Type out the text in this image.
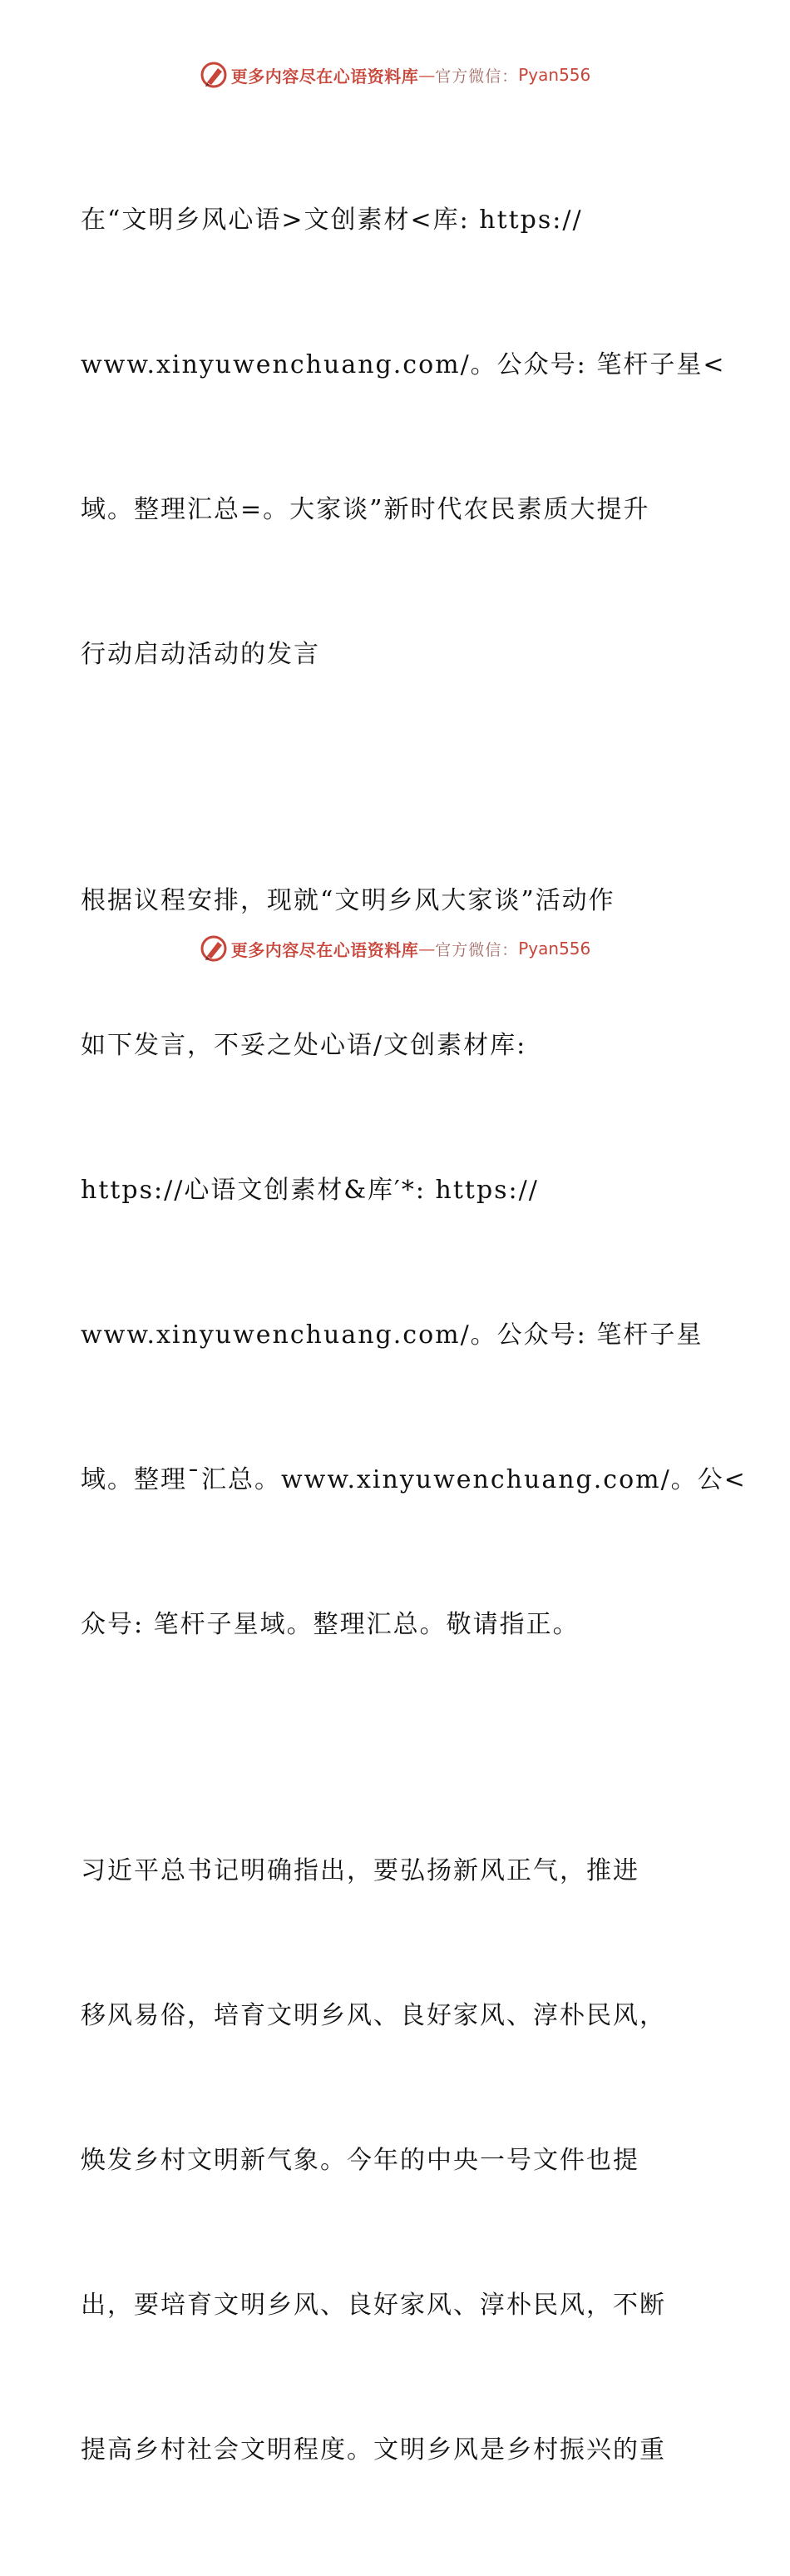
更多内容尽在心语资料库 — 官方微信： Pyan556

在“文明乡风心语>文创素材<库: https://

www.xinyuwenchuang.com/。公众号: 笔杆子星<

域。整理汇总=。大家谈”新时代农民素质大提升

行动启动活动的发言

根据议程安排，现就“文明乡风大家谈”活动作

如下发言，不妥之处心语/文创素材库:

https://心语文创素材&库′*: https://

www.xinyuwenchuang.com/。公众号: 笔杆子星

域。整理¯汇总。www.xinyuwenchuang.com/。公<

众号: 笔杆子星域。整理汇总。敬请指正。

习近平总书记明确指出，要弘扬新风正气，推进

移风易俗，培育文明乡风、良好家风、淳朴民风，

焕发乡村文明新气象。今年的中央一号文件也提

出，要培育文明乡风、良好家风、淳朴民风，不断

提高乡村社会文明程度。文明乡风是乡村振兴的重

更多内容尽在心语资料库 — 官方微信： Pyan556
